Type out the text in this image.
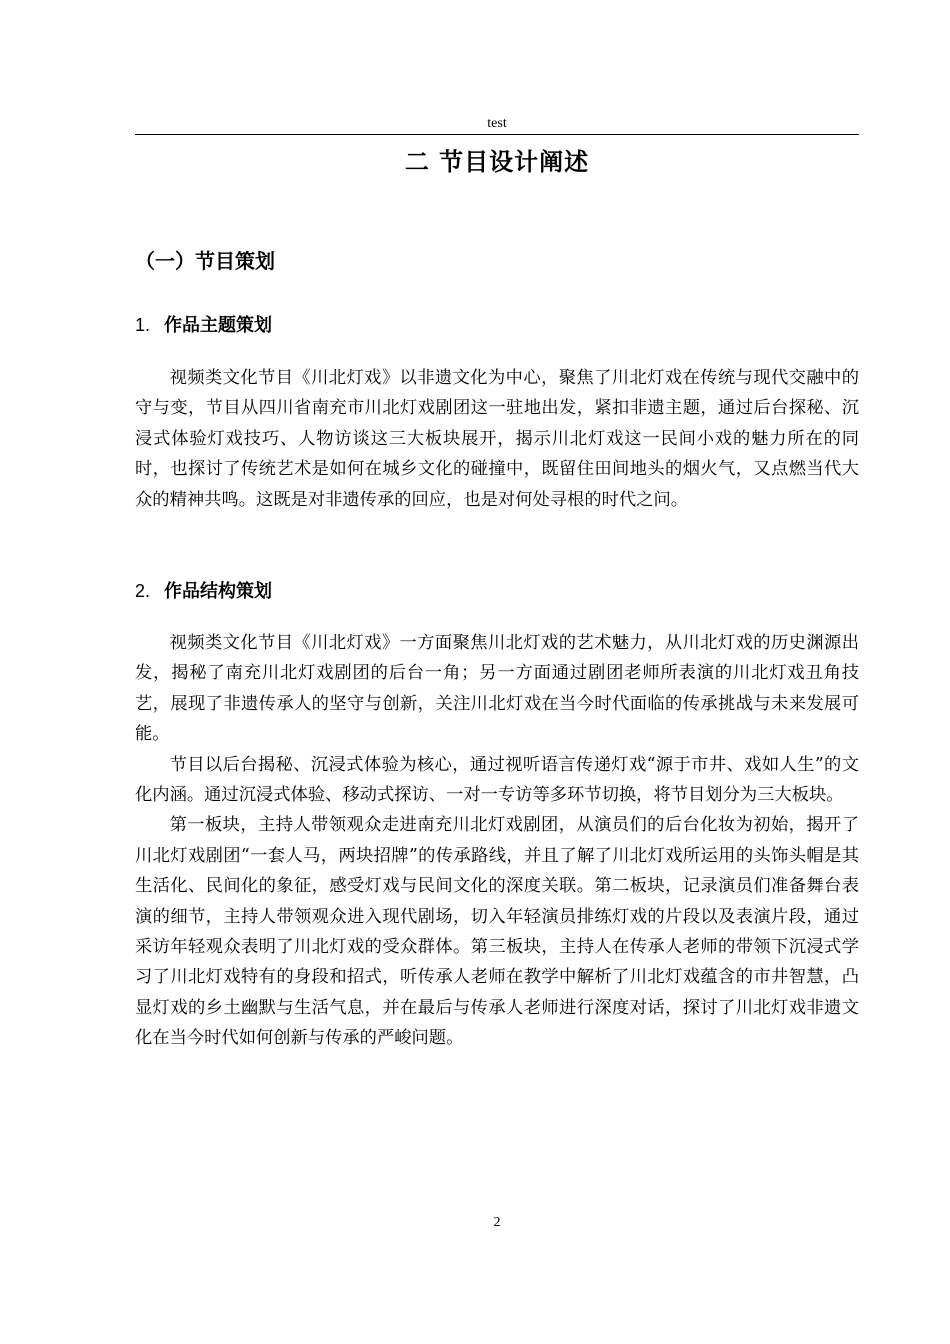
test
二 节目设计阐述
（一）节目策划
1. 作品主题策划

视频类文化节目《川北灯戏》以非遗文化为中心，聚焦了川北灯戏在传统与现代交融中的守与变，节目从四川省南充市川北灯戏剧团这一驻地出发，紧扣非遗主题，通过后台探秘、沉浸式体验灯戏技巧、人物访谈这三大板块展开，揭示川北灯戏这一民间小戏的魅力所在的同时，也探讨了传统艺术是如何在城乡文化的碰撞中，既留住田间地头的烟火气，又点燃当代大众的精神共鸣。这既是对非遗传承的回应，也是对何处寻根的时代之问。

2. 作品结构策划

视频类文化节目《川北灯戏》一方面聚焦川北灯戏的艺术魅力，从川北灯戏的历史渊源出发，揭秘了南充川北灯戏剧团的后台一角；另一方面通过剧团老师所表演的川北灯戏丑角技艺，展现了非遗传承人的坚守与创新，关注川北灯戏在当今时代面临的传承挑战与未来发展可能。

节目以后台揭秘、沉浸式体验为核心，通过视听语言传递灯戏“源于市井、戏如人生”的文化内涵。通过沉浸式体验、移动式探访、一对一专访等多环节切换，将节目划分为三大板块。

第一板块，主持人带领观众走进南充川北灯戏剧团，从演员们的后台化妆为初始，揭开了川北灯戏剧团“一套人马，两块招牌”的传承路线，并且了解了川北灯戏所运用的头饰头帽是其生活化、民间化的象征，感受灯戏与民间文化的深度关联。第二板块，记录演员们准备舞台表演的细节，主持人带领观众进入现代剧场，切入年轻演员排练灯戏的片段以及表演片段，通过采访年轻观众表明了川北灯戏的受众群体。第三板块，主持人在传承人老师的带领下沉浸式学习了川北灯戏特有的身段和招式，听传承人老师在教学中解析了川北灯戏蕴含的市井智慧，凸显灯戏的乡土幽默与生活气息，并在最后与传承人老师进行深度对话，探讨了川北灯戏非遗文化在当今时代如何创新与传承的严峻问题。

2
